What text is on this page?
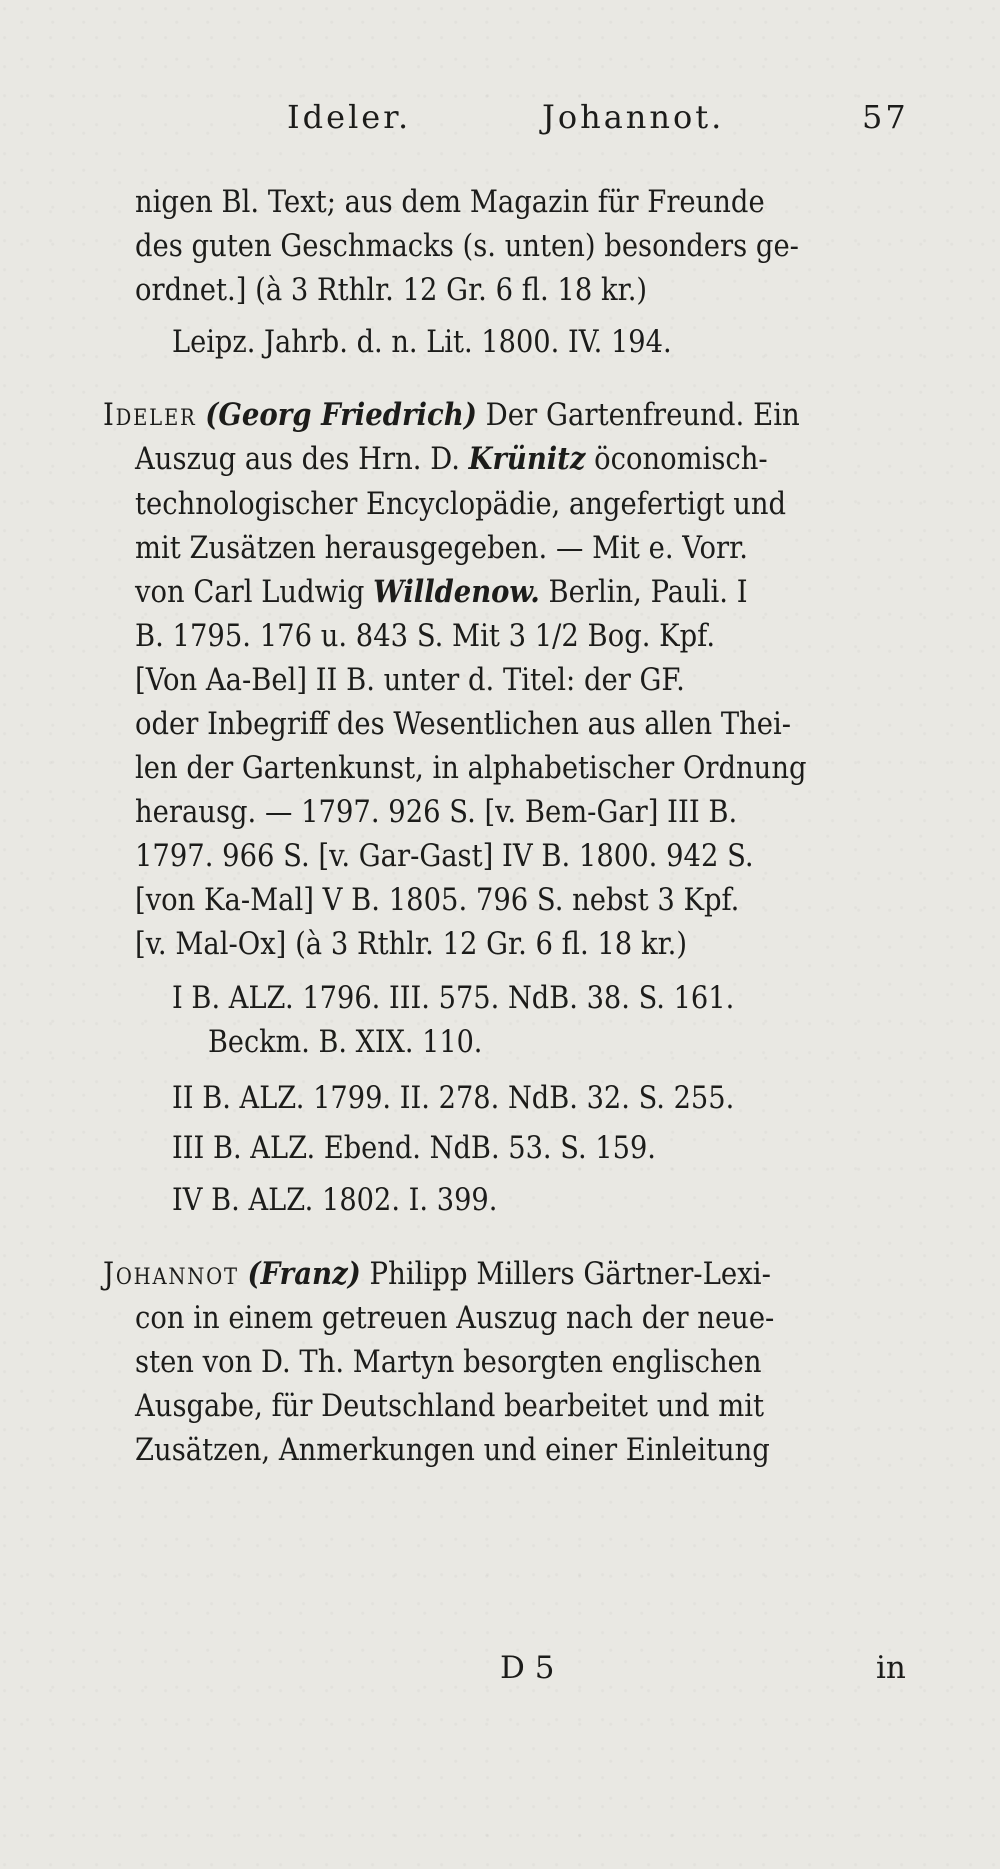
Ideler.	Johannot.	57
nigen Bl. Text; aus dem Magazin für Freunde
des guten Geschmacks (s. unten) besonders ge-
ordnet.] (à 3 Rthlr. 12 Gr. 6 fl. 18 kr.)
Leipz. Jahrb. d. n. Lit. 1800. IV. 194.
Ideler (Georg Friedrich) Der Gartenfreund. Ein
Auszug aus des Hrn. D. Krünitz öconomisch-
technologischer Encyclopädie, angefertigt und
mit Zusätzen herausgegeben. — Mit e. Vorr.
von Carl Ludwig Willdenow. Berlin, Pauli. I
B. 1795. 176 u. 843 S. Mit 3 1/2 Bog. Kpf.
[Von Aa-Bel] II B. unter d. Titel: der GF.
oder Inbegriff des Wesentlichen aus allen Thei-
len der Gartenkunst, in alphabetischer Ordnung
herausg. — 1797. 926 S. [v. Bem-Gar] III B.
1797. 966 S. [v. Gar-Gast] IV B. 1800. 942 S.
[von Ka-Mal] V B. 1805. 796 S. nebst 3 Kpf.
[v. Mal-Ox] (à 3 Rthlr. 12 Gr. 6 fl. 18 kr.)
I B. ALZ. 1796. III. 575. NdB. 38. S. 161.
Beckm. B. XIX. 110.
II B. ALZ. 1799. II. 278. NdB. 32. S. 255.
III B. ALZ. Ebend. NdB. 53. S. 159.
IV B. ALZ. 1802. I. 399.
Johannot (Franz) Philipp Millers Gärtner-Lexi-
con in einem getreuen Auszug nach der neue-
sten von D. Th. Martyn besorgten englischen
Ausgabe, für Deutschland bearbeitet und mit
Zusätzen, Anmerkungen und einer Einleitung
D 5	in
